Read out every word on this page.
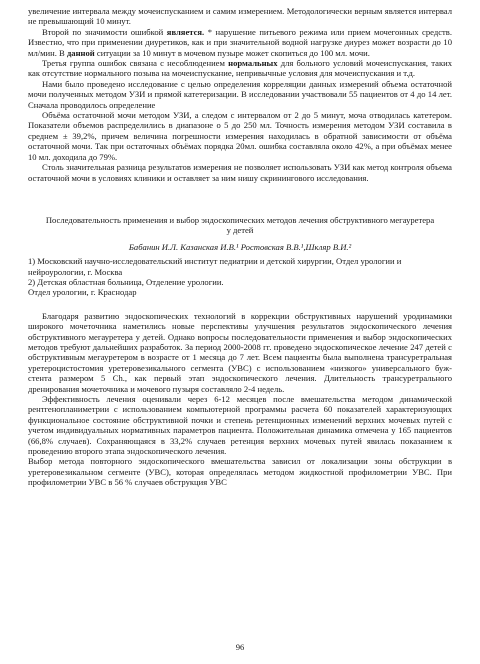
увеличение интервала между мочеиспусканием и самим измерением. Методологически верным является интервал не превышающий 10 минут.

Второй по значимости ошибкой является. * нарушение питьевого режима или прием мочегонных средств. Известно, что при применении диуретиков, как и при значительной водной нагрузке диурез может возрасти до 10 мл/мин. В данной ситуации за 10 минут в мочевом пузыре может скопиться до 100 мл. мочи.

Третья группа ошибок связана с несоблюдением нормальных для больного условий мочеиспускания, таких как отсутствие нормального позыва на мочеиспускание, непривычные условия для мочеиспускания и т.д.

Нами было проведено исследование с целью определения корреляции данных измерений объема остаточной мочи полученных методом УЗИ и прямой катетеризации. В исследовании участвовали 55 пациентов от 4 до 14 лет. Сначала проводилось определение

Объёма остаточной мочи методом УЗИ, а следом с интервалом от 2 до 5 минут, моча отводилась катетером. Показатели объемов распределились в диапазоне о 5 до 250 мл. Точность измерения методом УЗИ составила в среднем ± 39,2%, причем величина погрешности измерения находилась в обратной зависимости от объёма остаточной мочи. Так при остаточных объёмах порядка 20мл. ошибка составляла около 42%, а при объёмах менее 10 мл. доходила до 79%.

Столь значительная разница результатов измерения не позволяет использовать УЗИ как метод контроля объема остаточной мочи в условиях клиники и оставляет за ним нишу скринингового исследования.

Последовательность применения и выбор эндоскопических методов лечения обструктивного мегауретера у детей

Бабанин И.Л. Казанская И.В.¹ Ростовская В.В.¹,Шкляр В.И.²

1) Московский научно-исследовательский институт педиатрии и детской хирургии, Отдел урологии и нейроурологии, г. Москва

2) Детская областная больница, Отделение урологии.

Отдел урологии, г. Краснодар

Благодаря развитию эндоскопических технологий в коррекции обструктивных нарушений уродинамики широкого мочеточника наметились новые перспективы улучшения результатов эндоскопического лечения обструктивного мегауретера у детей. Однако вопросы последовательности применения и выбор эндоскопических методов требуют дальнейших разработок. За период 2000-2008 гг. проведено эндоскопическое лечение 247 детей с обструктивным мегауретером в возрасте от 1 месяца до 7 лет. Всем пациенты была выполнена трансуретральная уретероцистостомия уретеровезикального сегмента (УВС) с использованием «низкого» универсального буж-стента размером 5 Ch., как первый этап эндоскопического лечения. Длительность трансуретрального дренирования мочеточника и мочевого пузыря составляло 2-4 недель.

Эффективность лечения оценивали через 6-12 месяцев после вмешательства методом динамической рентгенопланиметрии с использованием компьютерной программы расчета 60 показателей характеризующих функциональное состояние обструктивной почки и степень ретенционных изменений верхних мочевых путей с учетом индивидуальных нормативных параметров пациента. Положительная динамика отмечена у 165 пациентов (66,8% случаев). Сохраняющаяся в 33,2% случаев ретенция верхних мочевых путей явилась показанием к проведению второго этапа эндоскопического лечения.

Выбор метода повторного эндоскопического вмешательства зависил от локализации зоны обструкции в уретеровезикальном сегменте (УВС), которая определялась методом жидкостной профилометрии УВС. При профилометрии УВС в 56 % случаев обструкция УВС

96
